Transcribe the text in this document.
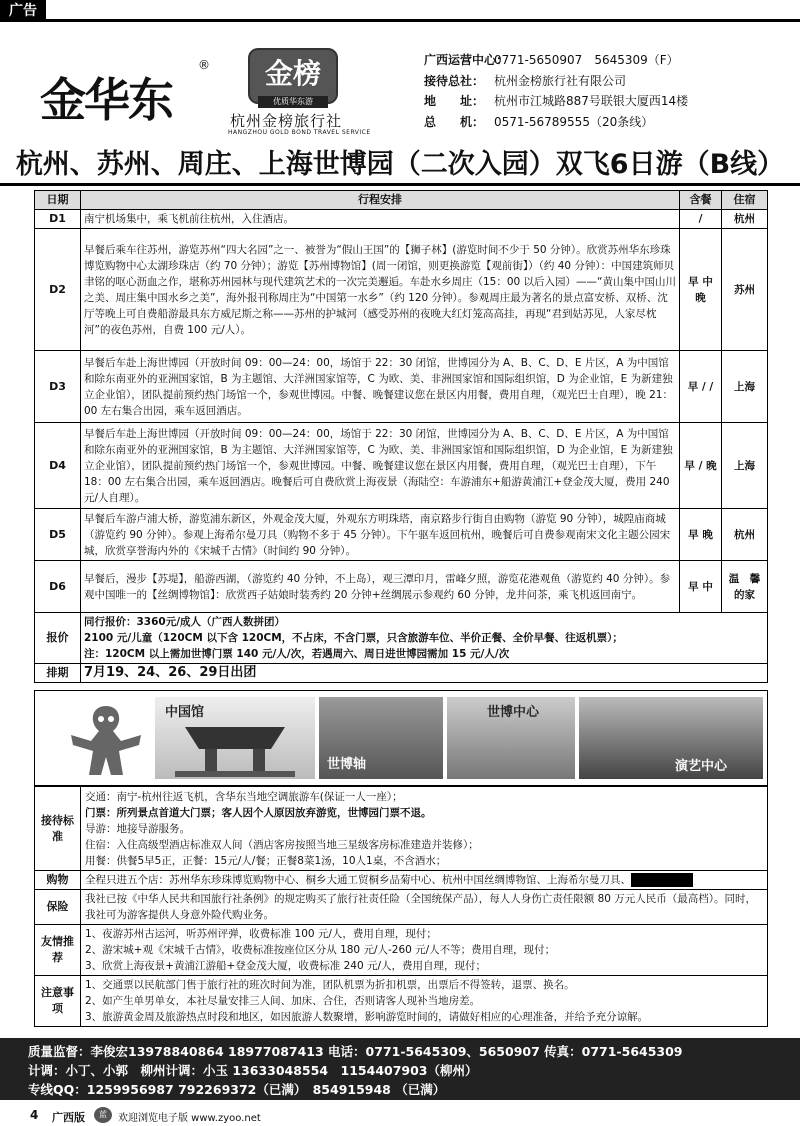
广告
金华东
®	金榜
优质华东游
杭州金榜旅行社
HANGZHOU GOLD BOND TRAVEL SERVICE
广西运营中心：0771-5650907　5645309（F）
接待总社： 杭州金榜旅行社有限公司
地　　址： 杭州市江城路887号联银大厦西14楼
总　　机： 0571-56789555（20条线）
杭州、苏州、周庄、上海世博园（二次入园）双飞6日游（B线）
日期	行程安排	含餐	住宿
D1	南宁机场集中，乘飞机前往杭州，入住酒店。	/	杭州
D2	早餐后乘车往苏州，游览苏州“四大名园”之一、被誉为“假山王国”的【狮子林】(游览时间不少于 50 分钟）。欣赏苏州华东珍珠博览购物中心太湖珍珠店（约 70 分钟）；游览【苏州博物馆】(周一闭馆，则更换游览【观前街】）（约 40 分钟）：中国建筑师贝聿铭的呕心沥血之作，堪称苏州园林与现代建筑艺术的一次完美邂逅。车赴水乡周庄（15：00 以后入园）——“黄山集中国山川之美、周庄集中国水乡之美”，海外报刊称周庄为“中国第一水乡”（约 120 分钟）。参观周庄最为著名的景点富安桥、双桥、沈厅等晚上可自费船游最具东方威尼斯之称——苏州的护城河（感受苏州的夜晚大红灯笼高高挂，再现“君到姑苏见，人家尽枕河”的夜色苏州，自费 100 元/人）。	早 中 晚	苏州
D3	早餐后车赴上海世博园（开放时间 09：00—24：00，场馆于 22：30 闭馆，世博园分为 A、B、C、D、E 片区，A 为中国馆和除东南亚外的亚洲国家馆，B 为主题馆、大洋洲国家馆等，C 为欧、美、非洲国家馆和国际组织馆，D 为企业馆，E 为新建独立企业馆），团队提前预约热门场馆一个，参观世博园。中餐、晚餐建议您在景区内用餐，费用自理，（观光巴士自理），晚 21：00 左右集合出园，乘车返回酒店。	早 / /	上海
D4	早餐后车赴上海世博园（开放时间 09：00—24：00，场馆于 22：30 闭馆，世博园分为 A、B、C、D、E 片区，A 为中国馆和除东南亚外的亚洲国家馆，B 为主题馆、大洋洲国家馆等，C 为欧、美、非洲国家馆和国际组织馆，D 为企业馆，E 为新建独立企业馆），团队提前预约热门场馆一个，参观世博园。中餐、晚餐建议您在景区内用餐，费用自理，（观光巴士自理），下午 18：00 左右集合出园，乘车返回酒店。晚餐后可自费欣赏上海夜景（海陆空：车游浦东+船游黄浦江+登金茂大厦，费用 240 元/人自理）。	早 / 晚	上海
D5	早餐后车游卢浦大桥，游览浦东新区，外观金茂大厦，外观东方明珠塔，南京路步行街自由购物（游览 90 分钟），城隍庙商城（游览约 90 分钟）。参观上海希尔曼刀具（购物不多于 45 分钟）。下午驱车返回杭州，晚餐后可自费参观南宋文化主题公园宋城，欣赏享誉海内外的《宋城千古情》（时间约 90 分钟）。	早 晚	杭州
D6	早餐后，漫步【苏堤】，船游西湖，（游览约 40 分钟，不上岛），观三潭印月，雷峰夕照，游览花港观鱼（游览约 40 分钟）。参观中国唯一的【丝绸博物馆】：欣赏西子姑娘时装秀约 20 分钟+丝绸展示参观约 60 分钟，龙井问茶，乘飞机返回南宁。	早 中	温　馨 的家
报价	同行报价：3360元/成人（广西人数拼团）
2100 元/儿童（120CM 以下含 120CM，不占床，不含门票，只含旅游车位、半价正餐、全价早餐、往返机票）；
注：120CM 以上需加世博门票 140 元/人/次，若遇周六、周日进世博园需加 15 元/人/次		

排期	7月19、24、26、29日出团		
中国馆
世博轴
世博中心
演艺中心
接待标准	交通：南宁-杭州往返飞机，含华东当地空调旅游车(保证一人一座）；
门票：所列景点首道大门票；客人因个人原因放弃游览，世博园门票不退。
导游：地接导游服务。
住宿：入住高级型酒店标准双人间（酒店客房按照当地三星级客房标准建造并装修）；
用餐：供餐5早5正，正餐：15元/人/餐；正餐8菜1汤，10人1桌，不含酒水；

购物	全程只进五个店：苏州华东珍珠博览购物中心、桐乡大通工贸桐乡品菊中心、杭州中国丝绸博物馆、上海希尔曼刀具、
保险	我社已按《中华人民共和国旅行社条例》的规定购买了旅行社责任险（全国统保产品），每人人身伤亡责任限额 80 万元人民币（最高档）。同时，我社可为游客提供人身意外险代购业务。
友情推荐	1、夜游苏州古运河，听苏州评弹，收费标准 100 元/人，费用自理，现付；
2、游宋城+观《宋城千古情》，收费标准按座位区分从 180 元/人-260 元/人不等；费用自理，现付；
3、欣赏上海夜景+黄浦江游船+登金茂大厦，收费标准 240 元/人，费用自理，现付；

注意事项	1、交通票以民航部门售于旅行社的班次时间为准，团队机票为折扣机票，出票后不得签转，退票、换名。
2、如产生单男单女，本社尽量安排三人间、加床、合住，否则请客人现补当地房差。
3、旅游黄金周及旅游热点时段和地区，如因旅游人数聚增，影响游览时间的，请做好相应的心理准备，并给予充分谅解。
质量监督：李俊宏13978840864 18977087413 电话：0771-5645309、5650907 传真：0771-5645309
计调：小丁、小郭　柳州计调：小玉 13633048554　1154407903（柳州）
专线QQ：1259956987 792269372（已满）　854915948 （已满）
4 广西版	蓝	欢迎浏览电子版 www.zyoo.net
